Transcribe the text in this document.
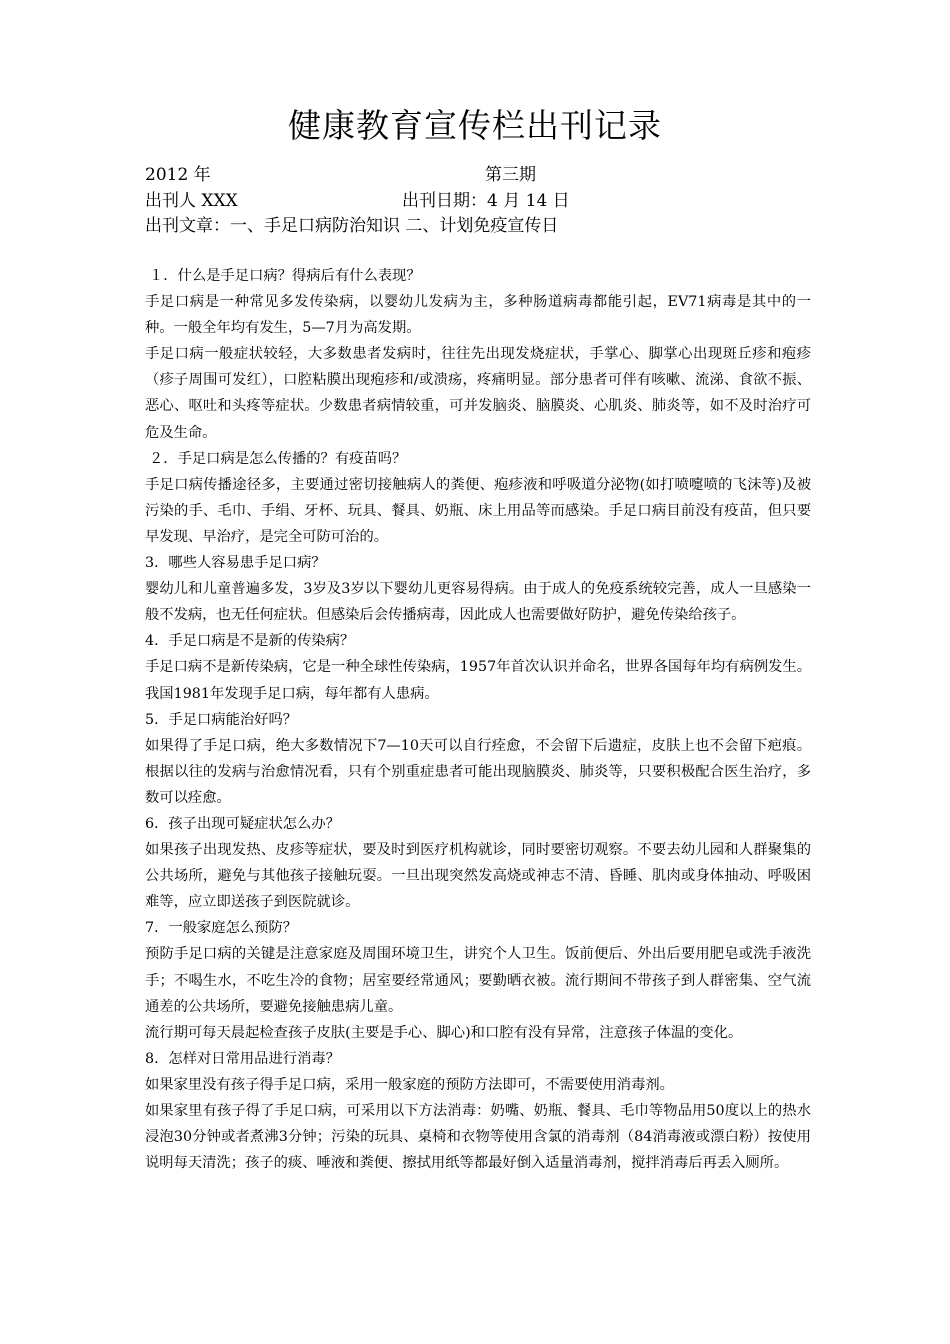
健康教育宣传栏出刊记录
2012 年	第三期
出刊人 XXX	出刊日期：4 月 14 日
出刊文章：一、手足口病防治知识 二、计划免疫宣传日

１．什么是手足口病？得病后有什么表现？

手足口病是一种常见多发传染病，以婴幼儿发病为主，多种肠道病毒都能引起，EV71病毒是其中的一种。一般全年均有发生，5—7月为高发期。

手足口病一般症状较轻，大多数患者发病时，往往先出现发烧症状，手掌心、脚掌心出现斑丘疹和疱疹（疹子周围可发红），口腔粘膜出现疱疹和/或溃疡，疼痛明显。部分患者可伴有咳嗽、流涕、食欲不振、恶心、呕吐和头疼等症状。少数患者病情较重，可并发脑炎、脑膜炎、心肌炎、肺炎等，如不及时治疗可危及生命。

２．手足口病是怎么传播的？有疫苗吗？

手足口病传播途径多，主要通过密切接触病人的粪便、疱疹液和呼吸道分泌物(如打喷嚏喷的飞沫等)及被污染的手、毛巾、手绢、牙杯、玩具、餐具、奶瓶、床上用品等而感染。手足口病目前没有疫苗，但只要早发现、早治疗，是完全可防可治的。

3．哪些人容易患手足口病？

婴幼儿和儿童普遍多发，3岁及3岁以下婴幼儿更容易得病。由于成人的免疫系统较完善，成人一旦感染一般不发病，也无任何症状。但感染后会传播病毒，因此成人也需要做好防护，避免传染给孩子。

4．手足口病是不是新的传染病？

手足口病不是新传染病，它是一种全球性传染病，1957年首次认识并命名，世界各国每年均有病例发生。我国1981年发现手足口病，每年都有人患病。

5．手足口病能治好吗？

如果得了手足口病，绝大多数情况下7—10天可以自行痊愈，不会留下后遗症，皮肤上也不会留下疤痕。根据以往的发病与治愈情况看，只有个别重症患者可能出现脑膜炎、肺炎等，只要积极配合医生治疗，多数可以痊愈。

6．孩子出现可疑症状怎么办？

如果孩子出现发热、皮疹等症状，要及时到医疗机构就诊，同时要密切观察。不要去幼儿园和人群聚集的公共场所，避免与其他孩子接触玩耍。一旦出现突然发高烧或神志不清、昏睡、肌肉或身体抽动、呼吸困难等，应立即送孩子到医院就诊。

7．一般家庭怎么预防？

预防手足口病的关键是注意家庭及周围环境卫生，讲究个人卫生。饭前便后、外出后要用肥皂或洗手液洗手；不喝生水，不吃生冷的食物；居室要经常通风；要勤晒衣被。流行期间不带孩子到人群密集、空气流通差的公共场所，要避免接触患病儿童。

流行期可每天晨起检查孩子皮肤(主要是手心、脚心)和口腔有没有异常，注意孩子体温的变化。

8．怎样对日常用品进行消毒？

如果家里没有孩子得手足口病，采用一般家庭的预防方法即可，不需要使用消毒剂。

如果家里有孩子得了手足口病，可采用以下方法消毒：奶嘴、奶瓶、餐具、毛巾等物品用50度以上的热水浸泡30分钟或者煮沸3分钟；污染的玩具、桌椅和衣物等使用含氯的消毒剂（84消毒液或漂白粉）按使用说明每天清洗；孩子的痰、唾液和粪便、擦拭用纸等都最好倒入适量消毒剂，搅拌消毒后再丢入厕所。
